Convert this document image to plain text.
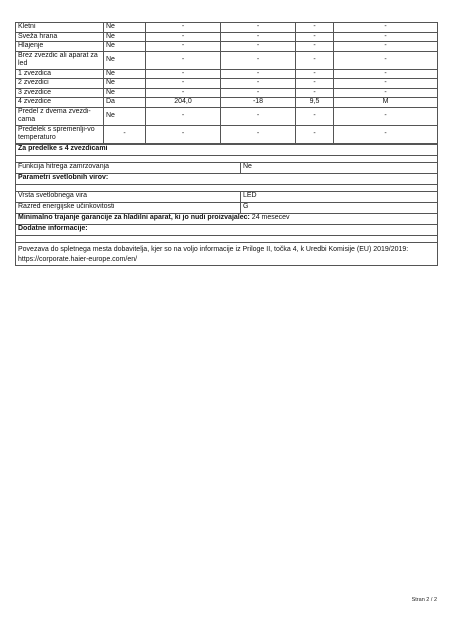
Kletni	Ne	-	-	-	-
Sveža hrana	Ne	-	-	-	-
Hlajenje	Ne	-	-	-	-
Brez zvezdic ali aparat za led	Ne	-	-	-	-
1 zvezdica	Ne	-	-	-	-
2 zvezdici	Ne	-	-	-	-
3 zvezdice	Ne	-	-	-	-
4 zvezdice	Da	204,0	-18	9,5	M
Predel z dvema zvezdi-cama	Ne	-	-	-	-
Predelek s spremenlji-vo temperaturo	-	-	-	-	-
Za predelke s 4 zvezdicami	

Funkcija hitrega zamrzovanja	Ne
Parametri svetlobnih virov:	

Vrsta svetlobnega vira	LED
Razred energijske učinkovitosti	G
Minimalno trajanje garancije za hladilni aparat, ki jo nudi proizvajalec: 24 mesecev	
Dodatne informacije:	

Povezava do spletnega mesta dobavitelja, kjer so na voljo informacije iz Priloge II, točka 4, k Uredbi Komisije (EU) 2019/2019:  https://corporate.haier-europe.com/en/	
Stran 2 / 2
